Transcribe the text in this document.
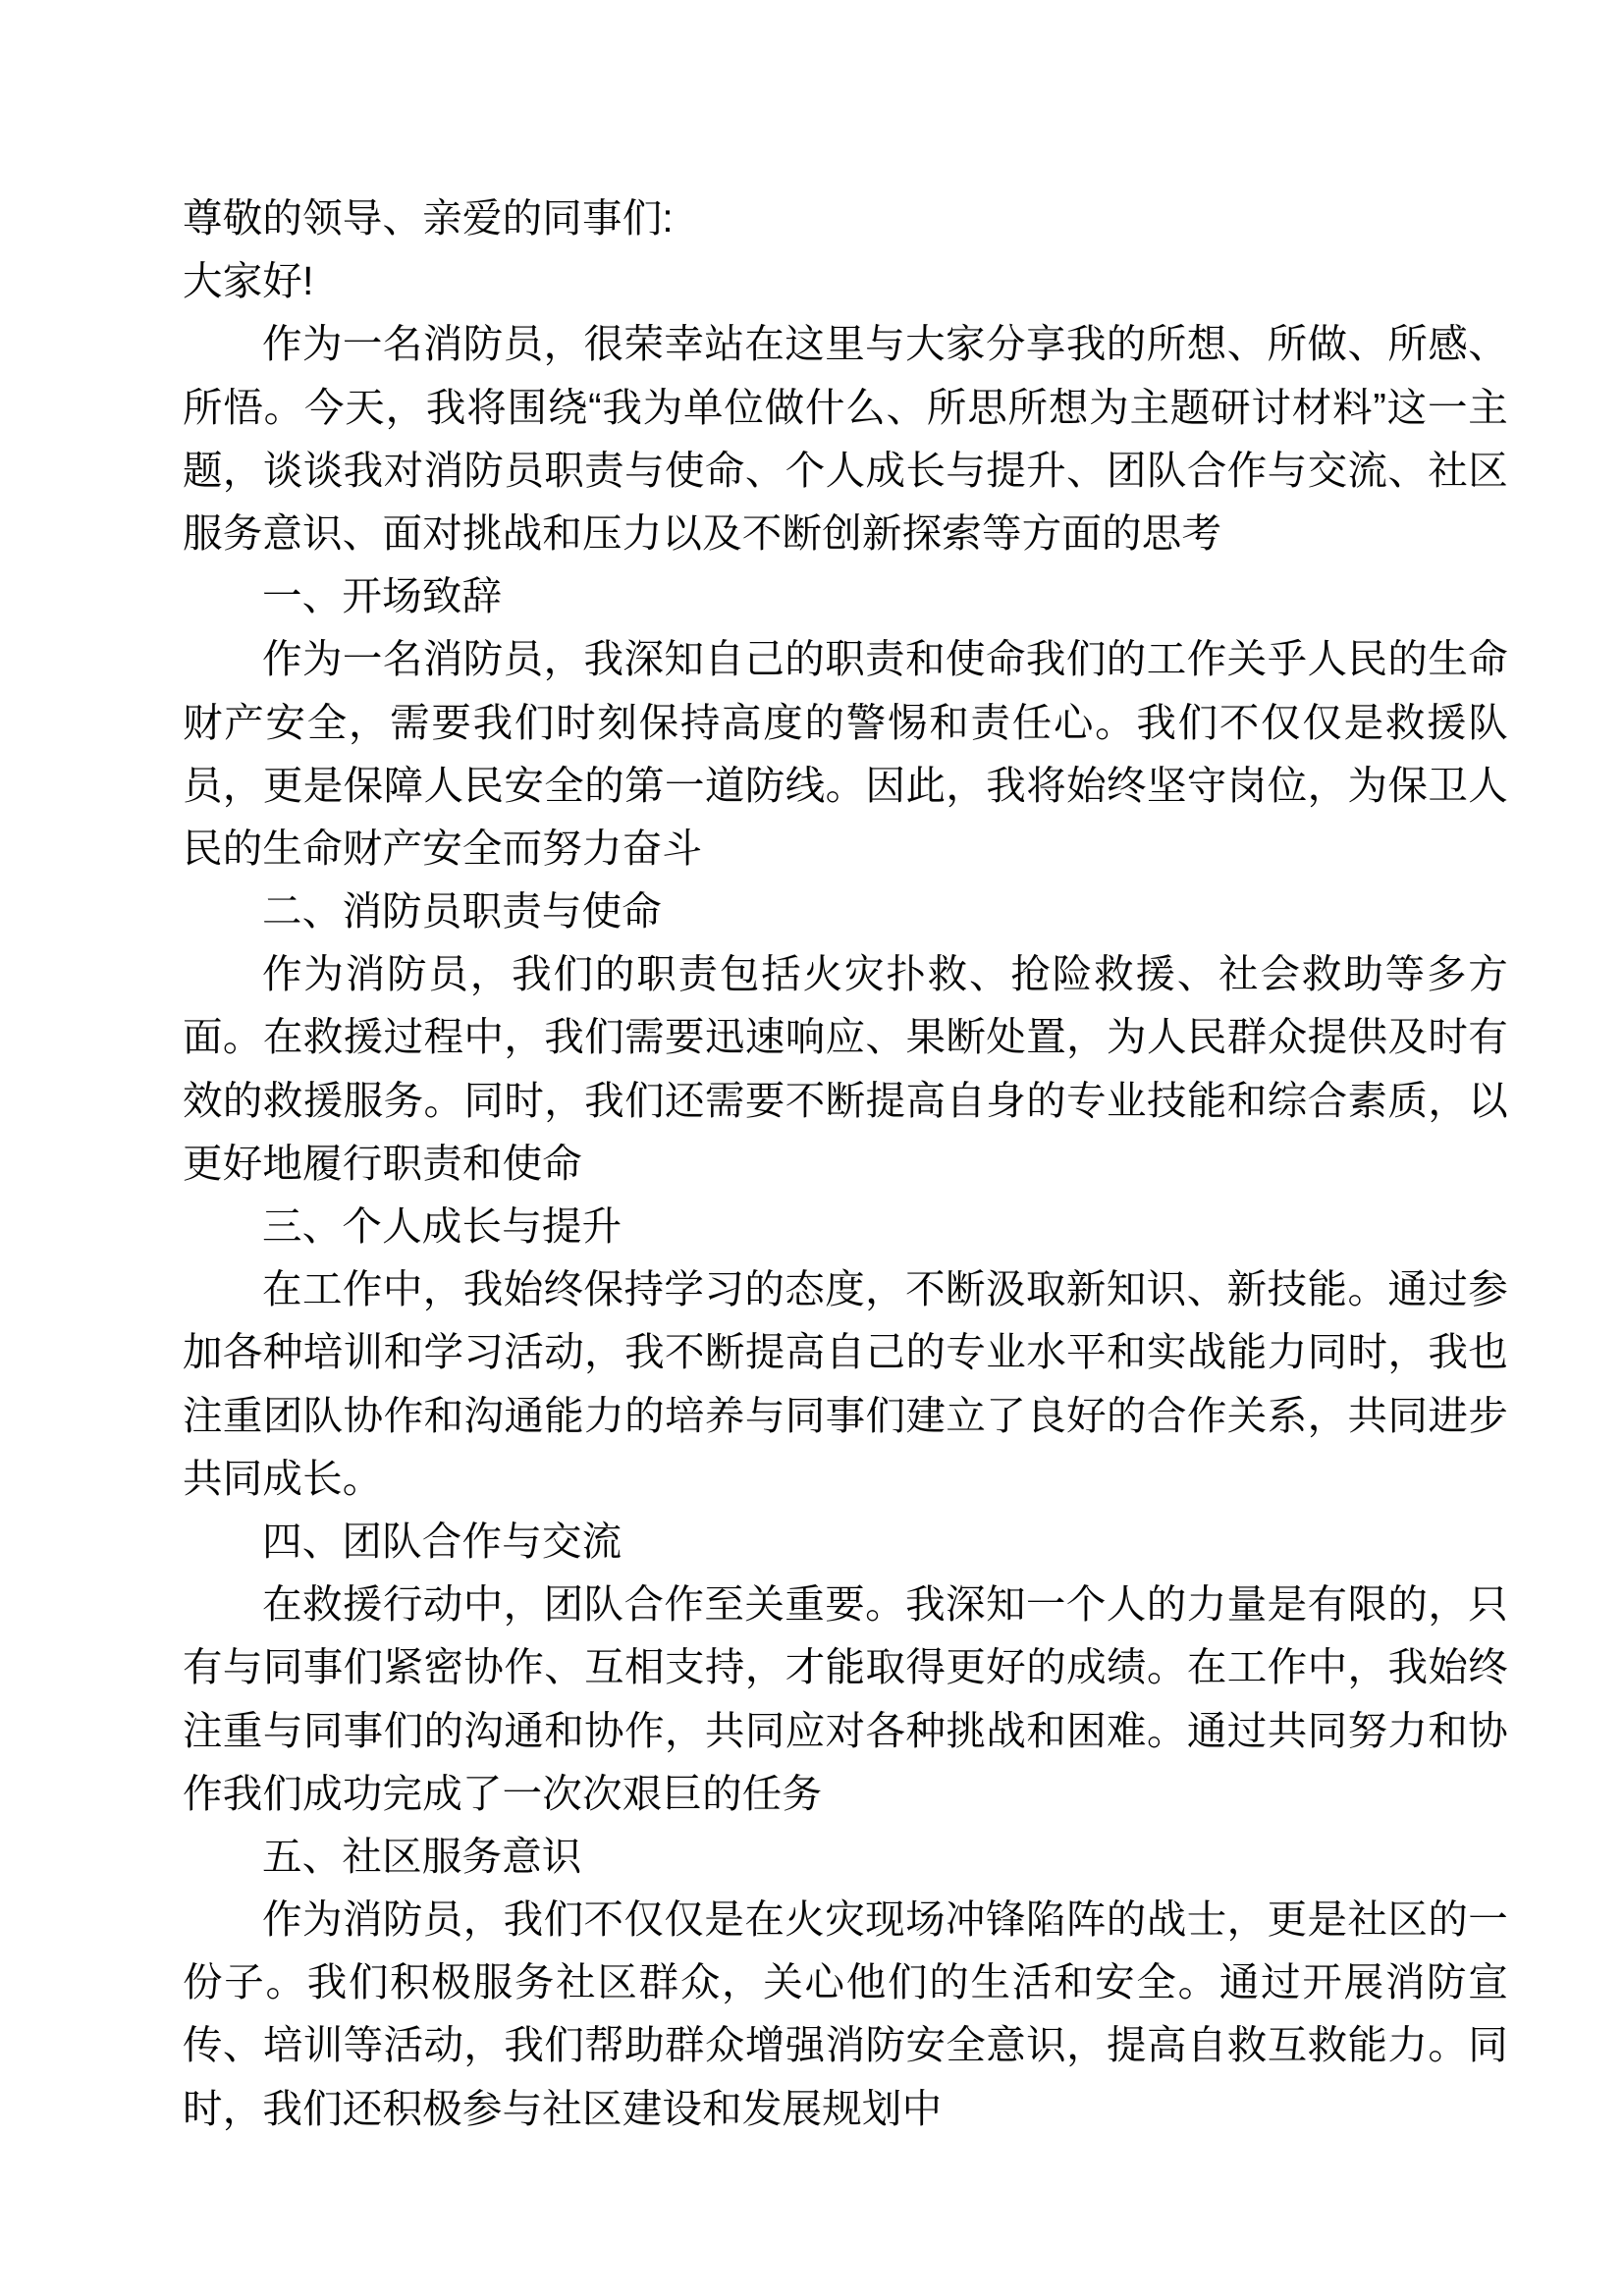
尊敬的领导、亲爱的同事们:

大家好!

作为一名消防员，很荣幸站在这里与大家分享我的所想、所做、所感、所悟。今天，我将围绕“我为单位做什么、所思所想为主题研讨材料”这一主题，谈谈我对消防员职责与使命、个人成长与提升、团队合作与交流、社区服务意识、面对挑战和压力以及不断创新探索等方面的思考

一、开场致辞

作为一名消防员，我深知自己的职责和使命我们的工作关乎人民的生命财产安全，需要我们时刻保持高度的警惕和责任心。我们不仅仅是救援队员，更是保障人民安全的第一道防线。因此，我将始终坚守岗位，为保卫人民的生命财产安全而努力奋斗

二、消防员职责与使命

作为消防员，我们的职责包括火灾扑救、抢险救援、社会救助等多方面。在救援过程中，我们需要迅速响应、果断处置，为人民群众提供及时有效的救援服务。同时，我们还需要不断提高自身的专业技能和综合素质，以更好地履行职责和使命

三、个人成长与提升

在工作中，我始终保持学习的态度，不断汲取新知识、新技能。通过参加各种培训和学习活动，我不断提高自己的专业水平和实战能力同时，我也注重团队协作和沟通能力的培养与同事们建立了良好的合作关系，共同进步共同成长。

四、团队合作与交流

在救援行动中，团队合作至关重要。我深知一个人的力量是有限的，只有与同事们紧密协作、互相支持，才能取得更好的成绩。在工作中，我始终注重与同事们的沟通和协作，共同应对各种挑战和困难。通过共同努力和协作我们成功完成了一次次艰巨的任务

五、社区服务意识

作为消防员，我们不仅仅是在火灾现场冲锋陷阵的战士，更是社区的一份子。我们积极服务社区群众，关心他们的生活和安全。通过开展消防宣传、培训等活动，我们帮助群众增强消防安全意识，提高自救互救能力。同时，我们还积极参与社区建设和发展规划中
